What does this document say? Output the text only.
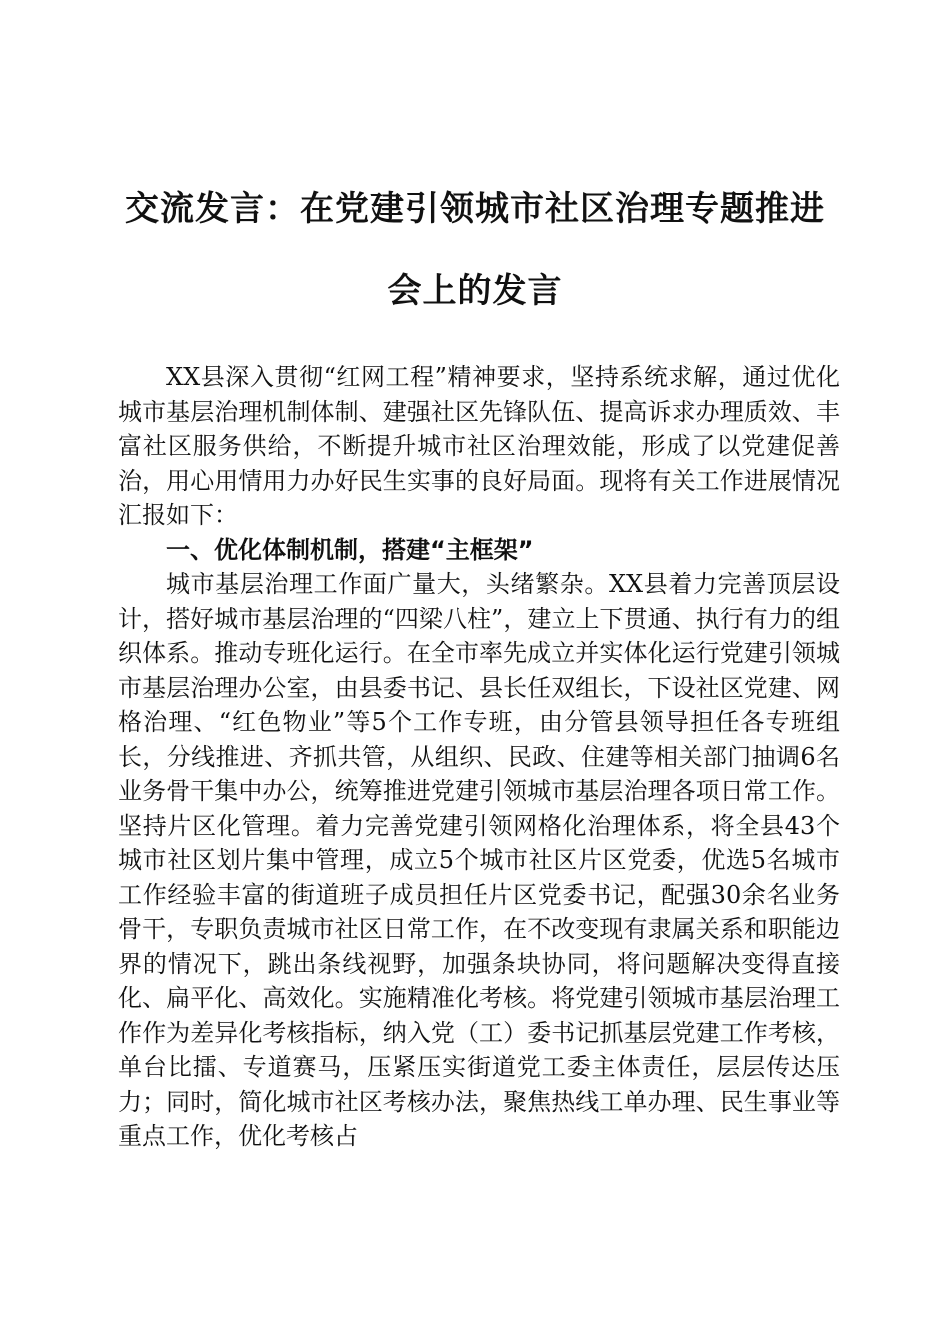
交流发言：在党建引领城市社区治理专题推进
会上的发言

XX县深入贯彻“红网工程”精神要求，坚持系统求解，通过优化城市基层治理机制体制、建强社区先锋队伍、提高诉求办理质效、丰富社区服务供给，不断提升城市社区治理效能，形成了以党建促善治，用心用情用力办好民生实事的良好局面。现将有关工作进展情况汇报如下：

一、优化体制机制，搭建“主框架”

城市基层治理工作面广量大，头绪繁杂。XX县着力完善顶层设计，搭好城市基层治理的“四梁八柱”，建立上下贯通、执行有力的组织体系。推动专班化运行。在全市率先成立并实体化运行党建引领城市基层治理办公室，由县委书记、县长任双组长，下设社区党建、网格治理、“红色物业”等5个工作专班，由分管县领导担任各专班组长，分线推进、齐抓共管，从组织、民政、住建等相关部门抽调6名业务骨干集中办公，统筹推进党建引领城市基层治理各项日常工作。坚持片区化管理。着力完善党建引领网格化治理体系，将全县43个城市社区划片集中管理，成立5个城市社区片区党委，优选5名城市工作经验丰富的街道班子成员担任片区党委书记，配强30余名业务骨干，专职负责城市社区日常工作，在不改变现有隶属关系和职能边界的情况下，跳出条线视野，加强条块协同，将问题解决变得直接化、扁平化、高效化。实施精准化考核。将党建引领城市基层治理工作作为差异化考核指标，纳入党（工）委书记抓基层党建工作考核，单台比擂、专道赛马，压紧压实街道党工委主体责任，层层传达压力；同时，简化城市社区考核办法，聚焦热线工单办理、民生事业等重点工作，优化考核占
